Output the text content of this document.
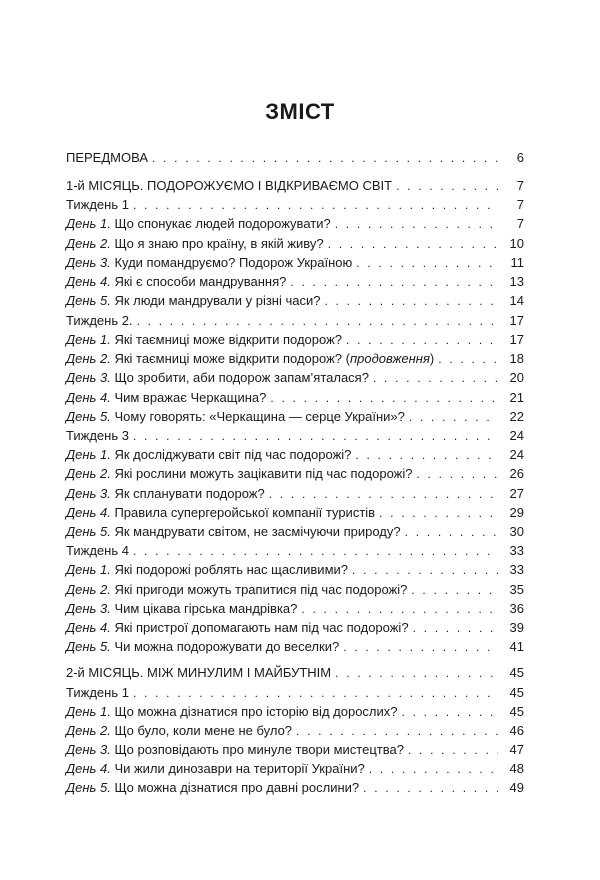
ЗМІСТ
ПЕРЕДМОВА . . .	6
1-й МІСЯЦЬ. ПОДОРОЖУЄМО І ВІДКРИВАЄМО СВІТ . . .	7
Тиждень 1 . . .	7
День 1. Що спонукає людей подорожувати? . . .	7
День 2. Що я знаю про країну, в якій живу? . . .	10
День 3. Куди помандруємо? Подорож Україною . . .	11
День 4. Які є способи мандрування? . . .	13
День 5. Як люди мандрували у різні часи? . . .	14
Тиждень 2. . . .	17
День 1. Які таємниці може відкрити подорож? . . .	17
День 2. Які таємниці може відкрити подорож? (продовження) . . .	18
День 3. Що зробити, аби подорож запам’яталася? . . .	20
День 4. Чим вражає Черкащина? . . .	21
День 5. Чому говорять: «Черкащина — серце України»? . . .	22
Тиждень 3 . . .	24
День 1. Як досліджувати світ під час подорожі? . . .	24
День 2. Які рослини можуть зацікавити під час подорожі? . . .	26
День 3. Як спланувати подорож? . . .	27
День 4. Правила супергеройської компанії туристів . . .	29
День 5. Як мандрувати світом, не засмічуючи природу? . . .	30
Тиждень 4 . . .	33
День 1. Які подорожі роблять нас щасливими? . . .	33
День 2. Які пригоди можуть трапитися під час подорожі? . . .	35
День 3. Чим цікава гірська мандрівка? . . .	36
День 4. Які пристрої допомагають нам під час подорожі? . . .	39
День 5. Чи можна подорожувати до веселки? . . .	41
2-й МІСЯЦЬ. МІЖ МИНУЛИМ І МАЙБУТНІМ . . .	45
Тиждень 1 . . .	45
День 1. Що можна дізнатися про історію від дорослих? . . .	45
День 2. Що було, коли мене не було? . . .	46
День 3. Що розповідають про минуле твори мистецтва? . . .	47
День 4. Чи жили динозаври на території України? . . .	48
День 5. Що можна дізнатися про давні рослини? . . .	49
